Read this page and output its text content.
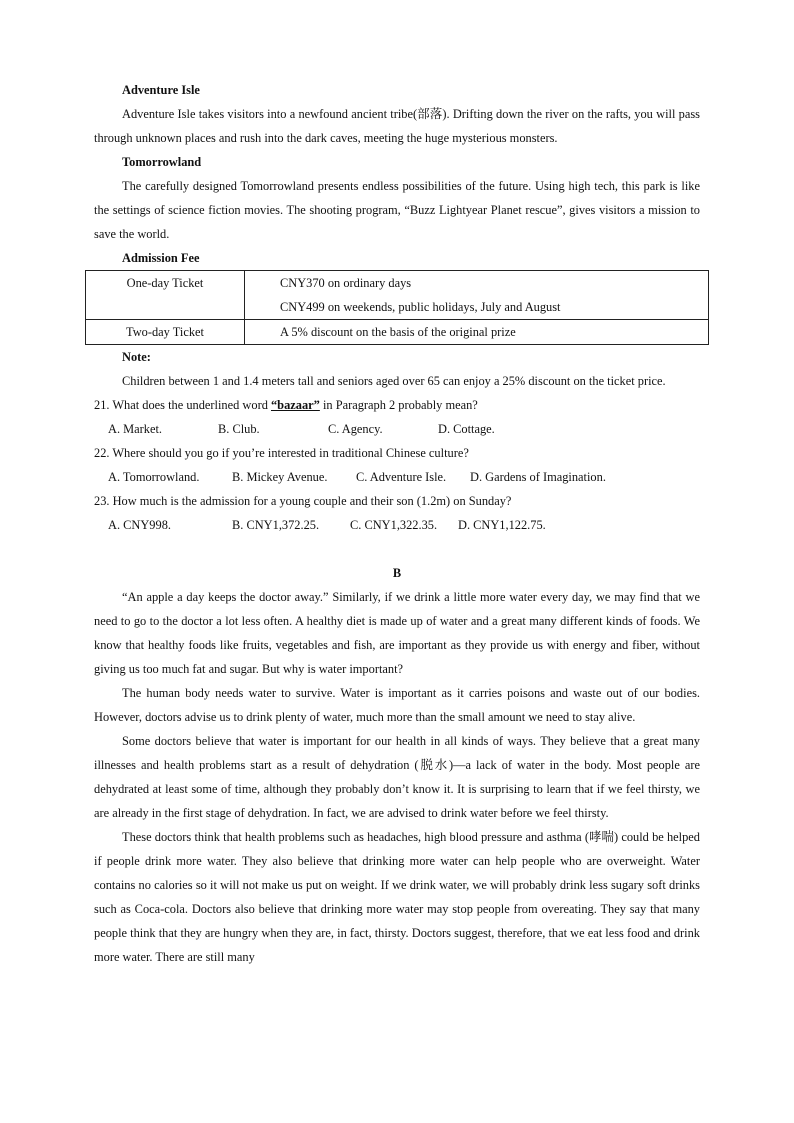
Adventure Isle
Adventure Isle takes visitors into a newfound ancient tribe(部落). Drifting down the river on the rafts, you will pass through unknown places and rush into the dark caves, meeting the huge mysterious monsters.
Tomorrowland
The carefully designed Tomorrowland presents endless possibilities of the future. Using high tech, this park is like the settings of science fiction movies. The shooting program, “Buzz Lightyear Planet rescue”, gives visitors a mission to save the world.
Admission Fee
One-day Ticket	CNY370 on ordinary days
CNY499 on weekends, public holidays, July and August

Two-day Ticket	A 5% discount on the basis of the original prize
Note:
Children between 1 and 1.4 meters tall and seniors aged over 65 can enjoy a 25% discount on the ticket price.
21. What does the underlined word “bazaar” in Paragraph 2 probably mean?
A. Market.	B. Club.	C. Agency.	D. Cottage.
22. Where should you go if you’re interested in traditional Chinese culture?
A. Tomorrowland.	B. Mickey Avenue.	C. Adventure Isle.	D. Gardens of Imagination.
23. How much is the admission for a young couple and their son (1.2m) on Sunday?
A. CNY998.	B. CNY1,372.25.	C. CNY1,322.35.	D. CNY1,122.75.
B
“An apple a day keeps the doctor away.” Similarly, if we drink a little more water every day, we may find that we need to go to the doctor a lot less often. A healthy diet is made up of water and a great many different kinds of foods. We know that healthy foods like fruits, vegetables and fish, are important as they provide us with energy and fiber, without giving us too much fat and sugar. But why is water important?
The human body needs water to survive. Water is important as it carries poisons and waste out of our bodies. However, doctors advise us to drink plenty of water, much more than the small amount we need to stay alive.
Some doctors believe that water is important for our health in all kinds of ways. They believe that a great many illnesses and health problems start as a result of dehydration (脱水)—a lack of water in the body. Most people are dehydrated at least some of time, although they probably don’t know it. It is surprising to learn that if we feel thirsty, we are already in the first stage of dehydration. In fact, we are advised to drink water before we feel thirsty.
These doctors think that health problems such as headaches, high blood pressure and asthma (哮喘) could be helped if people drink more water. They also believe that drinking more water can help people who are overweight. Water contains no calories so it will not make us put on weight. If we drink water, we will probably drink less sugary soft drinks such as Coca-cola. Doctors also believe that drinking more water may stop people from overeating. They say that many people think that they are hungry when they are, in fact, thirsty. Doctors suggest, therefore, that we eat less food and drink more water. There are still many
